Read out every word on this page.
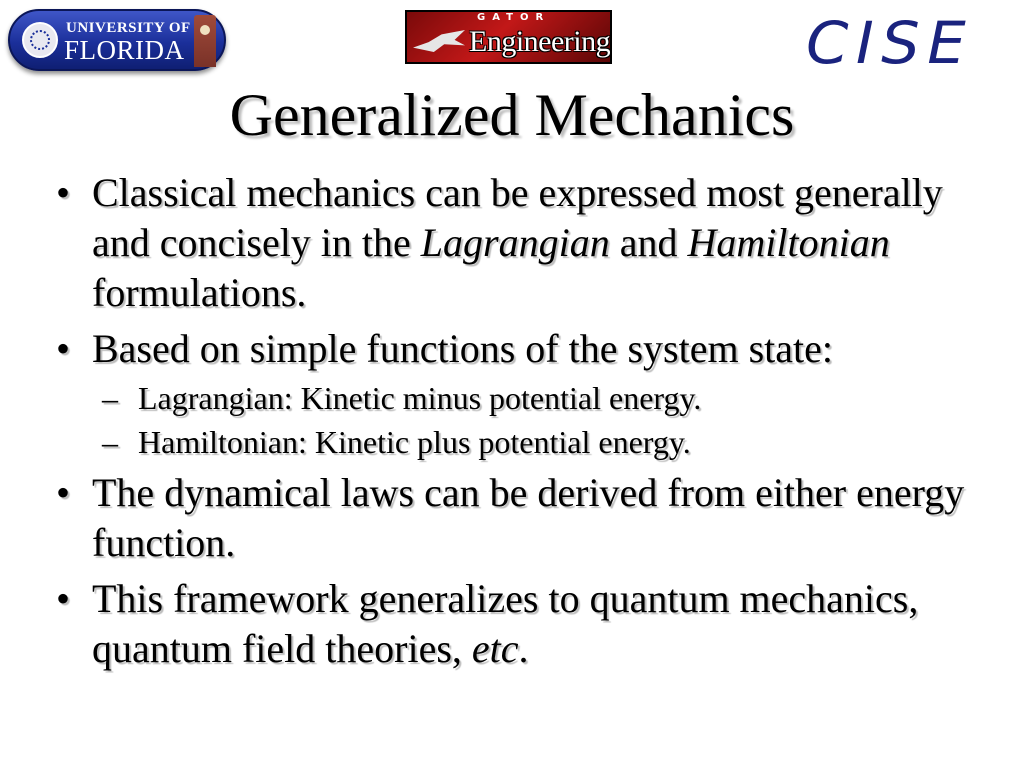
UNIVERSITY OF
FLORIDA
GATOR
Engineering	CISE
Generalized Mechanics
• Classical mechanics can be expressed most generally and concisely in the Lagrangian and Hamiltonian formulations.
• Based on simple functions of the system state:
– Lagrangian: Kinetic minus potential energy.
– Hamiltonian: Kinetic plus potential energy.
• The dynamical laws can be derived from either energy function.
• This framework generalizes to quantum mechanics, quantum field theories, etc.
